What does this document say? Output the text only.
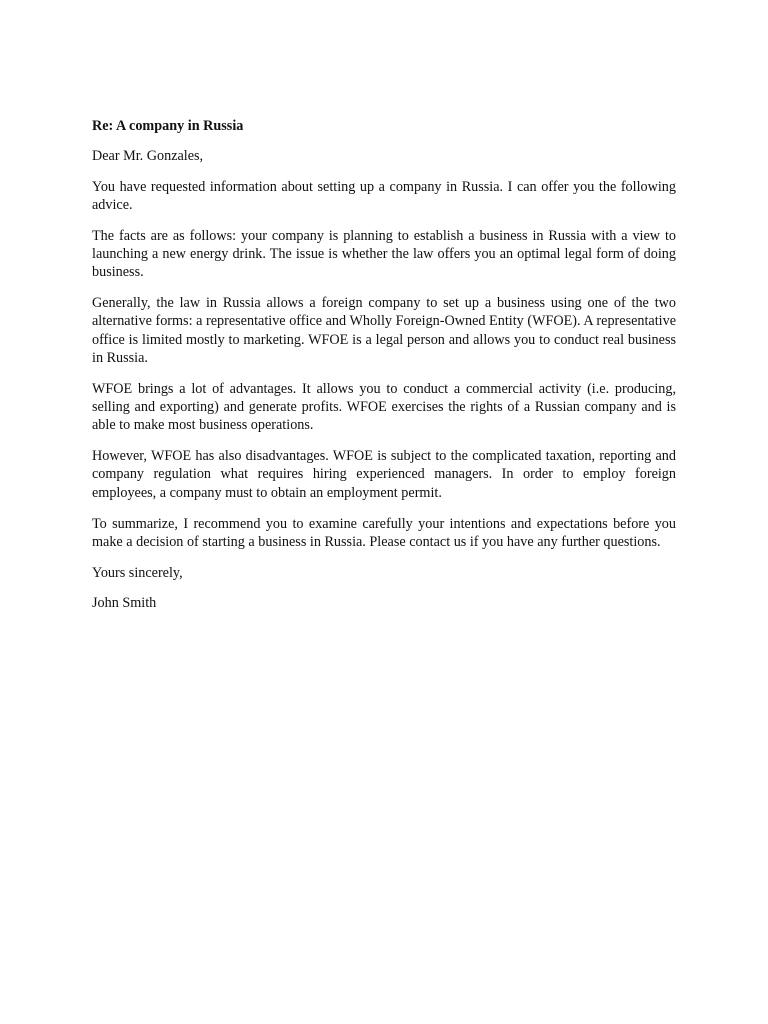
Re: A company in Russia

Dear Mr. Gonzales,

You have requested information about setting up a company in Russia. I can offer you the following advice.

The facts are as follows: your company is planning to establish a business in Russia with a view to launching a new energy drink. The issue is whether the law offers you an optimal legal form of doing business.

Generally, the law in Russia allows a foreign company to set up a business using one of the two alternative forms: a representative office and Wholly Foreign-Owned Entity (WFOE). A representative office is limited mostly to marketing. WFOE is a legal person and allows you to conduct real business in Russia.

WFOE brings a lot of advantages. It allows you to conduct a commercial activity (i.e. producing, selling and exporting) and generate profits. WFOE exercises the rights of a Russian company and is able to make most business operations.

However, WFOE has also disadvantages. WFOE is subject to the complicated taxation, reporting and company regulation what requires hiring experienced managers. In order to employ foreign employees, a company must to obtain an employment permit.

To summarize, I recommend you to examine carefully your intentions and expectations before you make a decision of starting a business in Russia. Please contact us if you have any further questions.

Yours sincerely,

John Smith
